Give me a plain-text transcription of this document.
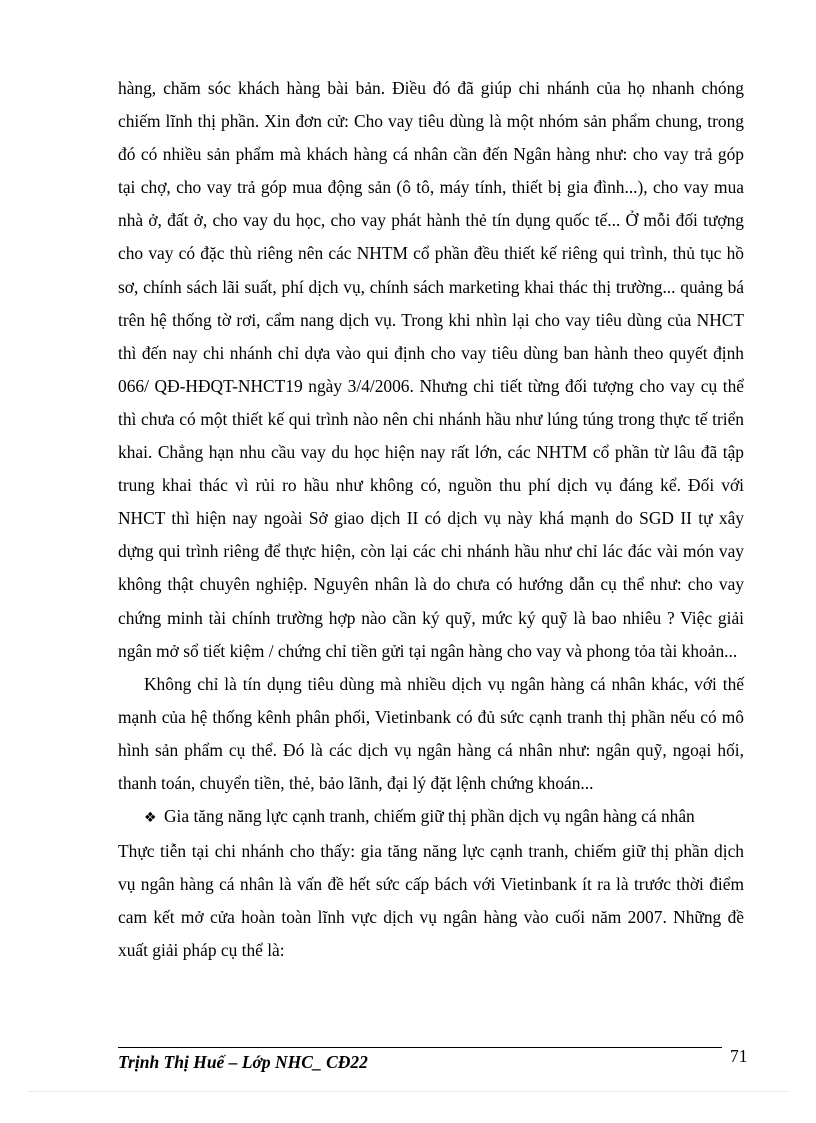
hàng, chăm sóc khách hàng bài bản. Điều đó đã giúp chi nhánh của họ nhanh chóng chiếm lĩnh thị phần. Xin đơn cử: Cho vay tiêu dùng là một nhóm sản phẩm chung, trong đó có nhiều sản phẩm mà khách hàng cá nhân cần đến Ngân hàng như: cho vay trả góp tại chợ, cho vay trả góp mua động sản (ô tô, máy tính, thiết bị gia đình...), cho vay mua nhà ở, đất ở, cho vay du học, cho vay phát hành thẻ tín dụng quốc tế... Ở mỗi đối tượng cho vay có đặc thù riêng nên các NHTM cổ phần đều thiết kế riêng qui trình, thủ tục hồ sơ, chính sách lãi suất, phí dịch vụ, chính sách marketing khai thác thị trường... quảng bá trên hệ thống tờ rơi, cẩm nang dịch vụ. Trong khi nhìn lại cho vay tiêu dùng của NHCT thì đến nay chi nhánh chỉ dựa vào qui định cho vay tiêu dùng ban hành theo quyết định 066/ QĐ-HĐQT-NHCT19 ngày 3/4/2006. Nhưng chi tiết từng đối tượng cho vay cụ thể thì chưa có một thiết kế qui trình nào nên chi nhánh hầu như lúng túng trong thực tế triển khai. Chẳng hạn nhu cầu vay du học hiện nay rất lớn, các NHTM cổ phần từ lâu đã tập trung khai thác vì rủi ro hầu như không có, nguồn thu phí dịch vụ đáng kể. Đối với NHCT thì hiện nay ngoài Sở giao dịch II có dịch vụ này khá mạnh do SGD II tự xây dựng qui trình riêng để thực hiện, còn lại các chi nhánh hầu như chỉ lác đác vài món vay không thật chuyên nghiệp. Nguyên nhân là do chưa có hướng dẫn cụ thể như: cho vay chứng minh tài chính trường hợp nào cần ký quỹ, mức ký quỹ là bao nhiêu ? Việc giải ngân mở sổ tiết kiệm / chứng chỉ tiền gửi tại ngân hàng cho vay và phong tỏa tài khoản...

Không chỉ là tín dụng tiêu dùng mà nhiều dịch vụ ngân hàng cá nhân khác, với thế mạnh của hệ thống kênh phân phối, Vietinbank có đủ sức cạnh tranh thị phần nếu có mô hình sản phẩm cụ thể. Đó là các dịch vụ ngân hàng cá nhân như: ngân quỹ, ngoại hối, thanh toán, chuyển tiền, thẻ, bảo lãnh, đại lý đặt lệnh chứng khoán...

❖ Gia tăng năng lực cạnh tranh, chiếm giữ thị phần dịch vụ ngân hàng cá nhân

Thực tiễn tại chi nhánh cho thấy: gia tăng năng lực cạnh tranh, chiếm giữ thị phần dịch vụ ngân hàng cá nhân là vấn đề hết sức cấp bách với Vietinbank ít ra là trước thời điểm cam kết mở cửa hoàn toàn lĩnh vực dịch vụ ngân hàng vào cuối năm 2007. Những đề xuất giải pháp cụ thể là:

Trịnh Thị Huế – Lớp NHC_ CĐ22	71
